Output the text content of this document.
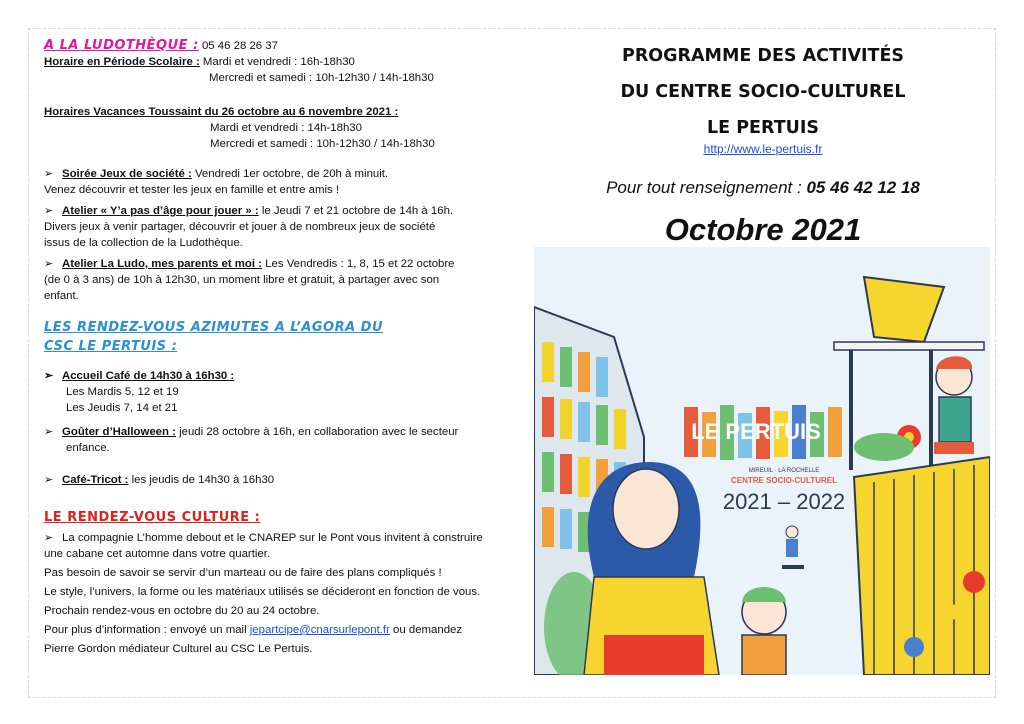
A LA LUDOTHÈQUE : 05 46 28 26 37
Horaire en Période Scolaire : Mardi et vendredi : 16h-18h30
Mercredi et samedi : 10h-12h30 / 14h-18h30
Horaires Vacances Toussaint du 26 octobre au 6 novembre 2021 :
Mardi et vendredi : 14h-18h30
Mercredi et samedi : 10h-12h30 / 14h-18h30
➢ Soirée Jeux de société : Vendredi 1er octobre, de 20h à minuit.
Venez découvrir et tester les jeux en famille et entre amis !
➢ Atelier « Y’a pas d’âge pour jouer » : le Jeudi 7 et 21 octobre de 14h à 16h.
Divers jeux à venir partager, découvrir et jouer à de nombreux jeux de société
issus de la collection de la Ludothèque.
➢ Atelier La Ludo, mes parents et moi : Les Vendredis : 1, 8, 15 et 22 octobre
(de 0 à 3 ans) de 10h à 12h30, un moment libre et gratuit, à partager avec son
enfant.
LES RENDEZ-VOUS AZIMUTES A L’AGORA DU
CSC LE PERTUIS :
➢ Accueil Café de 14h30 à 16h30 :
Les Mardis 5, 12 et 19
Les Jeudis 7, 14 et 21
➢ Goûter d’Halloween : jeudi 28 octobre à 16h, en collaboration avec le secteur
enfance.
➢ Café-Tricot : les jeudis de 14h30 à 16h30
LE RENDEZ-VOUS CULTURE :
➢ La compagnie L’homme debout et le CNAREP sur le Pont vous invitent à construire
une cabane cet automne dans votre quartier.
Pas besoin de savoir se servir d’un marteau ou de faire des plans compliqués !
Le style, l’univers, la forme ou les matériaux utilisés se décideront en fonction de vous.
Prochain rendez-vous en octobre du 20 au 24 octobre.
Pour plus d’information : envoyé un mail jepartcipe@cnarsurlepont.fr ou demandez
Pierre Gordon médiateur Culturel au CSC Le Pertuis.
PROGRAMME DES ACTIVITÉS
DU CENTRE SOCIO-CULTUREL
LE PERTUIS
http://www.le-pertuis.fr
Pour tout renseignement : 05 46 42 12 18
Octobre 2021
LE PERTUIS
MIREUIL · LA ROCHELLE
CENTRE SOCIO-CULTUREL
2021 – 2022
